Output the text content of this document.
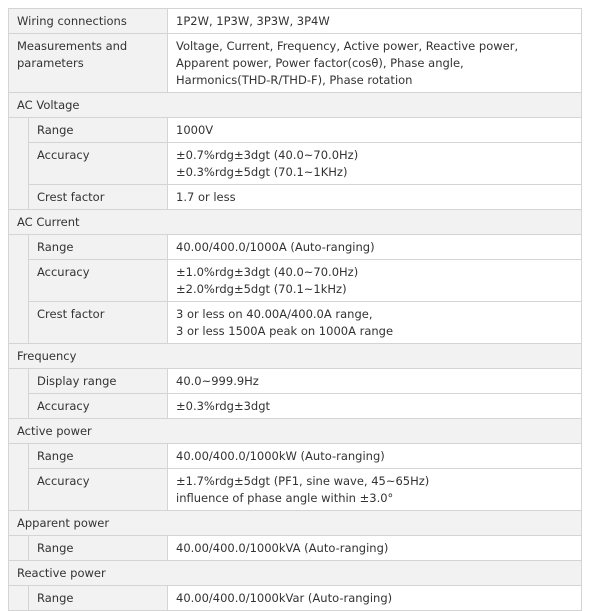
Wiring connections		1P2W, 1P3W, 3P3W, 3P4W

Measurements and
parameters		Voltage, Current, Frequency, Active power, Reactive power,
Apparent power, Power factor(cosθ), Phase angle,
Harmonics(THD-R/THD-F), Phase rotation

AC Voltage		
	Range	1000V
	Accuracy	±0.7%rdg±3dgt (40.0~70.0Hz)
±0.3%rdg±5dgt (70.1~1KHz)

	Crest factor	1.7 or less
AC Current		
	Range	40.00/400.0/1000A (Auto-ranging)
	Accuracy	±1.0%rdg±3dgt (40.0~70.0Hz)
±2.0%rdg±5dgt (70.1~1kHz)

	Crest factor	3 or less on 40.00A/400.0A range,
3 or less 1500A peak on 1000A range

Frequency		
	Display range	40.0~999.9Hz
	Accuracy	±0.3%rdg±3dgt
Active power		
	Range	40.00/400.0/1000kW (Auto-ranging)
	Accuracy	±1.7%rdg±5dgt (PF1, sine wave, 45~65Hz)
influence of phase angle within ±3.0°

Apparent power		
	Range	40.00/400.0/1000kVA (Auto-ranging)
Reactive power		
	Range	40.00/400.0/1000kVar (Auto-ranging)
